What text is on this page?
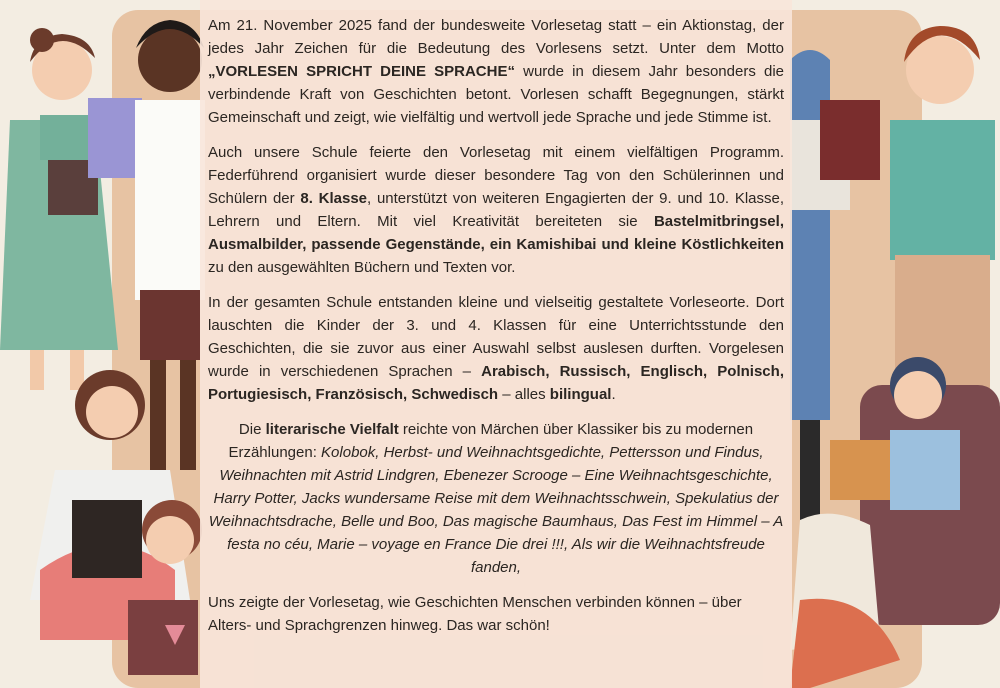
Am 21. November 2025 fand der bundesweite Vorlesetag statt – ein Aktionstag, der jedes Jahr Zeichen für die Bedeutung des Vorlesens setzt. Unter dem Motto „VORLESEN SPRICHT DEINE SPRACHE“ wurde in diesem Jahr besonders die verbindende Kraft von Geschichten betont. Vorlesen schafft Begegnungen, stärkt Gemeinschaft und zeigt, wie vielfältig und wertvoll jede Sprache und jede Stimme ist.

Auch unsere Schule feierte den Vorlesetag mit einem vielfältigen Programm. Federführend organisiert wurde dieser besondere Tag von den Schülerinnen und Schülern der 8. Klasse, unterstützt von weiteren Engagierten der 9. und 10. Klasse, Lehrern und Eltern. Mit viel Kreativität bereiteten sie Bastelmitbringsel, Ausmalbilder, passende Gegenstände, ein Kamishibai und kleine Köstlichkeiten zu den ausgewählten Büchern und Texten vor.

In der gesamten Schule entstanden kleine und vielseitig gestaltete Vorleseorte. Dort lauschten die Kinder der 3. und 4. Klassen für eine Unterrichtsstunde den Geschichten, die sie zuvor aus einer Auswahl selbst auslesen durften. Vorgelesen wurde in verschiedenen Sprachen – Arabisch, Russisch, Englisch, Polnisch, Portugiesisch, Französisch, Schwedisch – alles bilingual.

Die literarische Vielfalt reichte von Märchen über Klassiker bis zu modernen Erzählungen: Kolobok, Herbst- und Weihnachtsgedichte, Pettersson und Findus, Weihnachten mit Astrid Lindgren, Ebenezer Scrooge – Eine Weihnachtsgeschichte, Harry Potter, Jacks wundersame Reise mit dem Weihnachtsschwein, Spekulatius der Weihnachtsdrache, Belle und Boo, Das magische Baumhaus, Das Fest im Himmel – A festa no céu, Marie – voyage en France Die drei !!!, Als wir die Weihnachtsfreude fanden,

Uns zeigte der Vorlesetag, wie Geschichten Menschen verbinden können – über Alters- und Sprachgrenzen hinweg. Das war schön!
